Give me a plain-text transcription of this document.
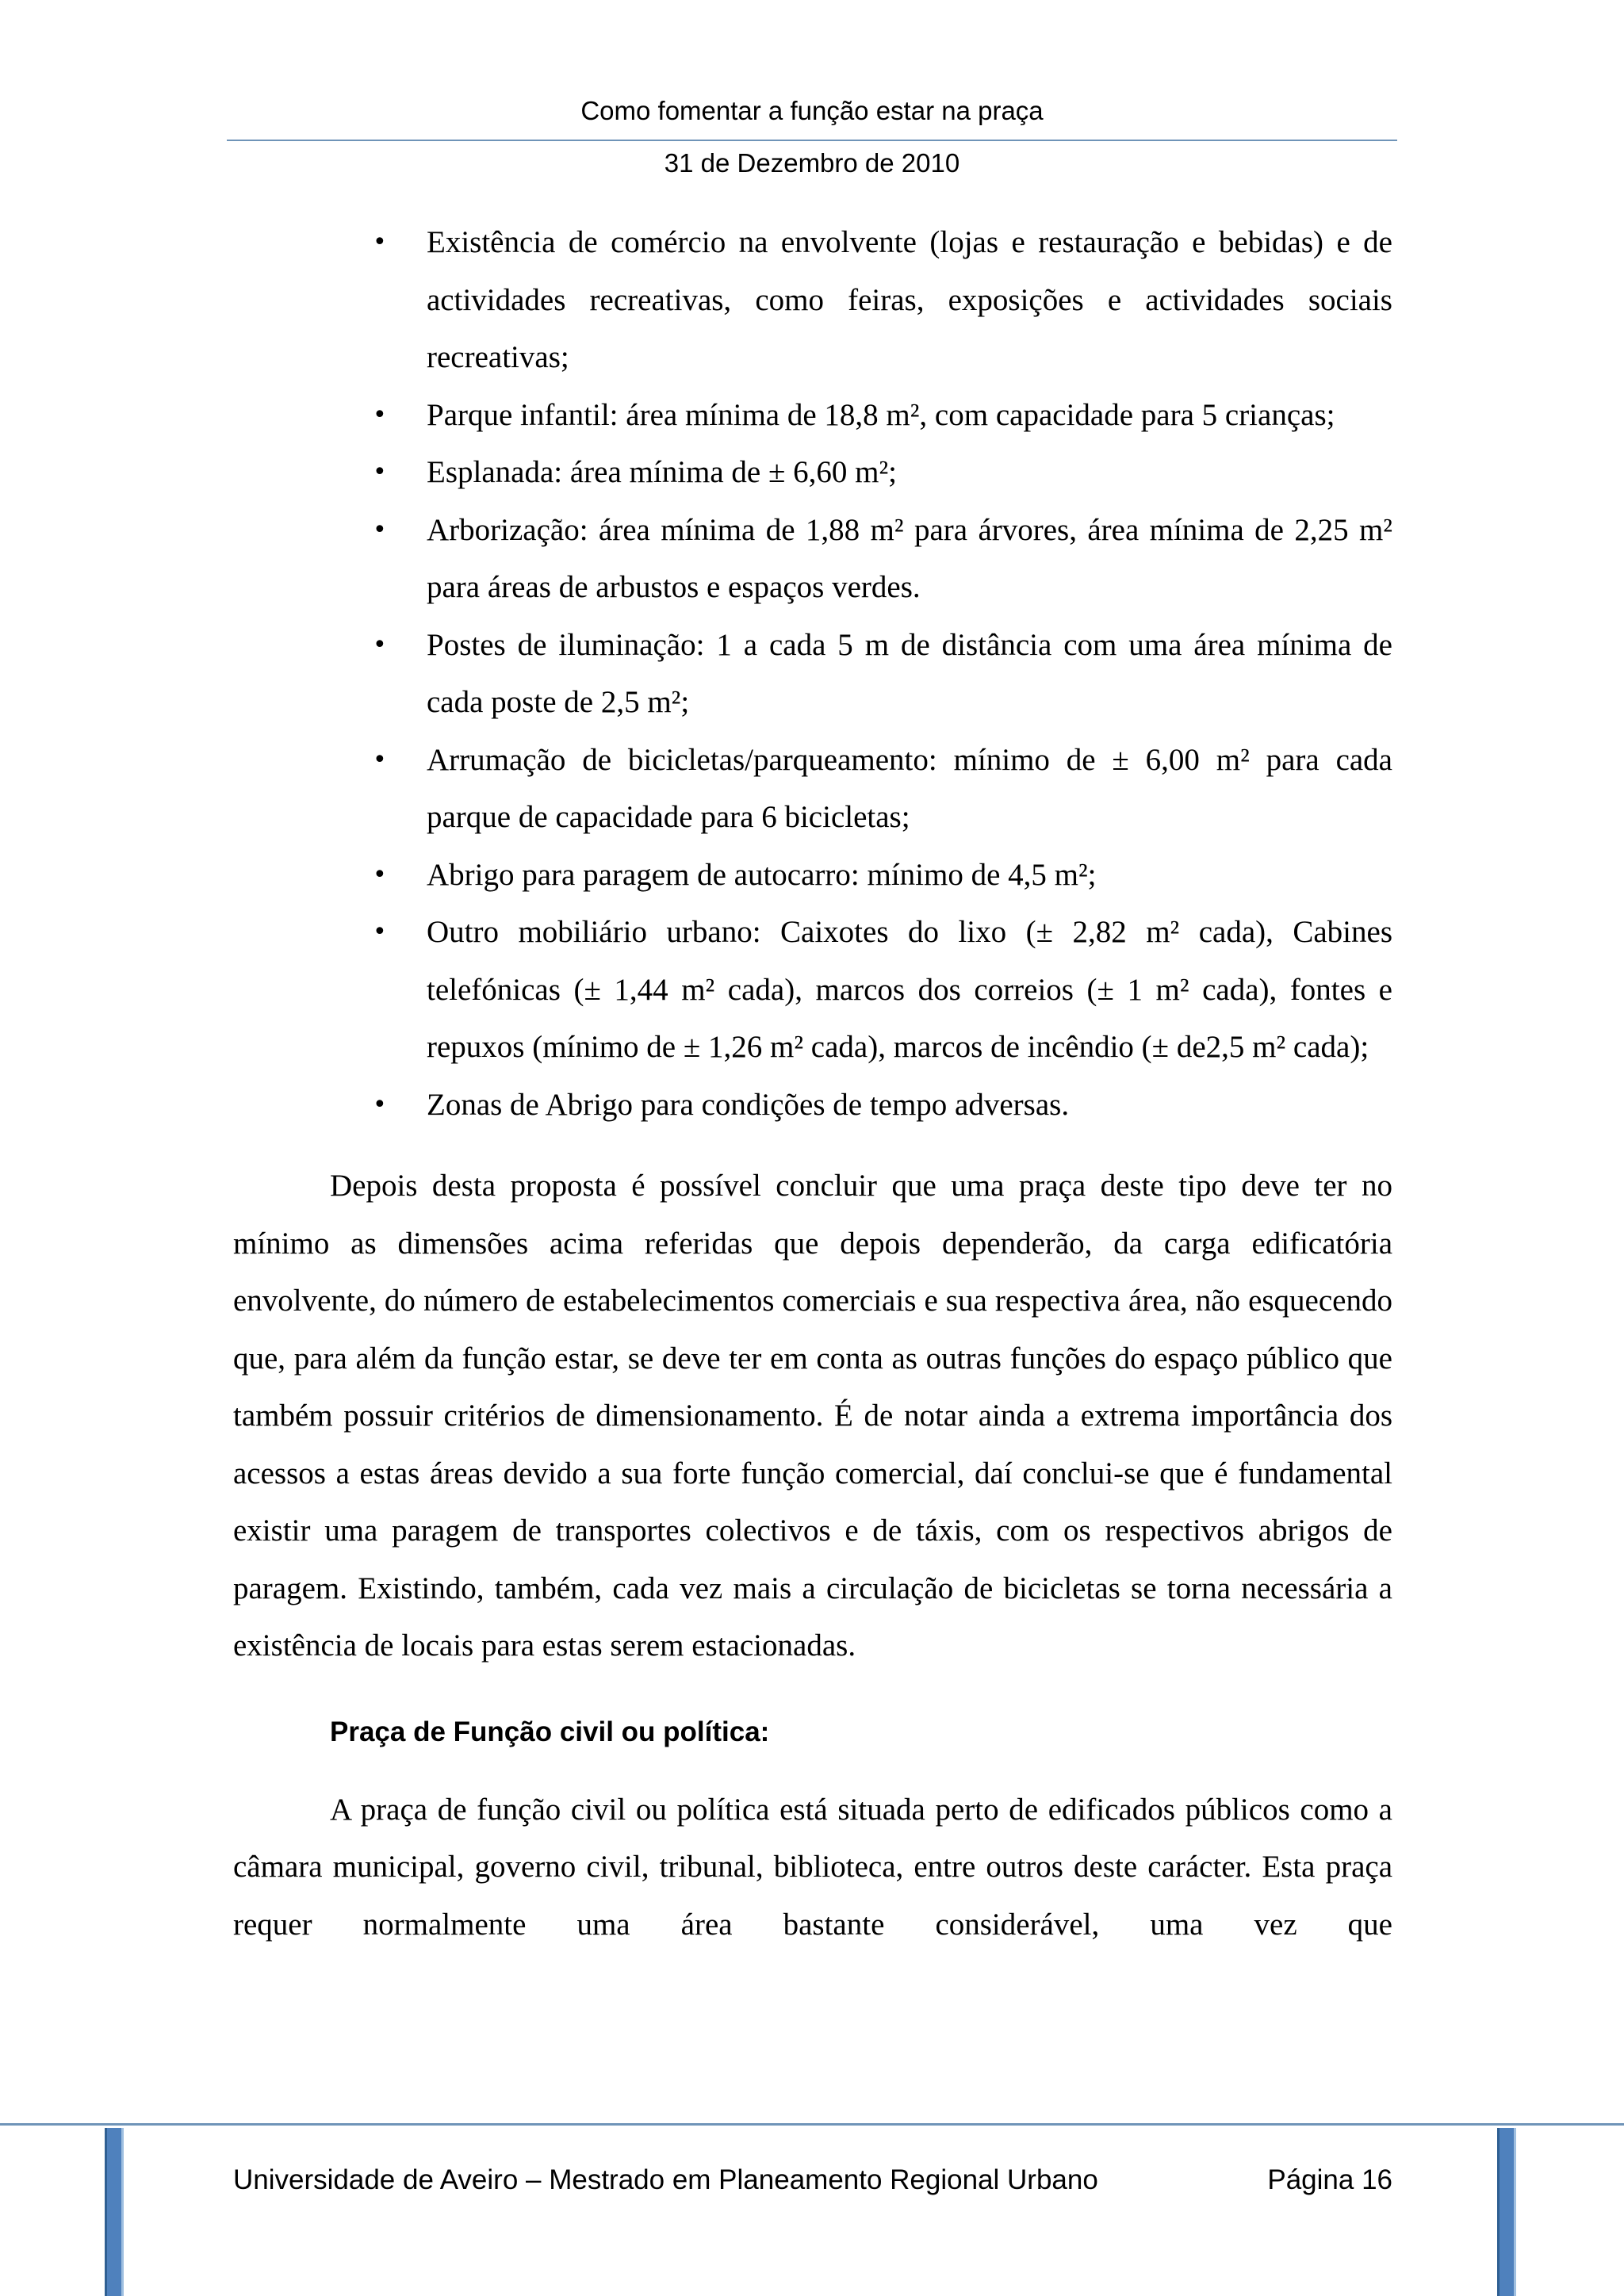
Como fomentar a função estar na praça
31 de Dezembro de 2010
• Existência de comércio na envolvente (lojas e restauração e bebidas) e de actividades recreativas, como feiras, exposições e actividades sociais recreativas;
• Parque infantil: área mínima de 18,8 m², com capacidade para 5 crianças;
• Esplanada: área mínima de ± 6,60 m²;
• Arborização: área mínima de 1,88 m² para árvores, área mínima de 2,25 m² para áreas de arbustos e espaços verdes.
• Postes de iluminação: 1 a cada 5 m de distância com uma área mínima de cada poste de 2,5 m²;
• Arrumação de bicicletas/parqueamento: mínimo de ± 6,00 m² para cada parque de capacidade para 6 bicicletas;
• Abrigo para paragem de autocarro: mínimo de 4,5 m²;
• Outro mobiliário urbano: Caixotes do lixo (± 2,82 m² cada), Cabines telefónicas (± 1,44 m² cada), marcos dos correios (± 1 m² cada), fontes e repuxos (mínimo de ± 1,26 m² cada), marcos de incêndio (± de2,5 m² cada);
• Zonas de Abrigo para condições de tempo adversas.

Depois desta proposta é possível concluir que uma praça deste tipo deve ter no mínimo as dimensões acima referidas que depois dependerão, da carga edificatória envolvente, do número de estabelecimentos comerciais e sua respectiva área, não esquecendo que, para além da função estar, se deve ter em conta as outras funções do espaço público que também possuir critérios de dimensionamento. É de notar ainda a extrema importância dos acessos a estas áreas devido a sua forte função comercial, daí conclui-se que é fundamental existir uma paragem de transportes colectivos e de táxis, com os respectivos abrigos de paragem. Existindo, também, cada vez mais a circulação de bicicletas se torna necessária a existência de locais para estas serem estacionadas.

Praça de Função civil ou política:

A praça de função civil ou política está situada perto de edificados públicos como a câmara municipal, governo civil, tribunal, biblioteca, entre outros deste carácter. Esta praça requer normalmente uma área bastante considerável, uma vez que

Universidade de Aveiro – Mestrado em Planeamento Regional Urbano	Página 16
